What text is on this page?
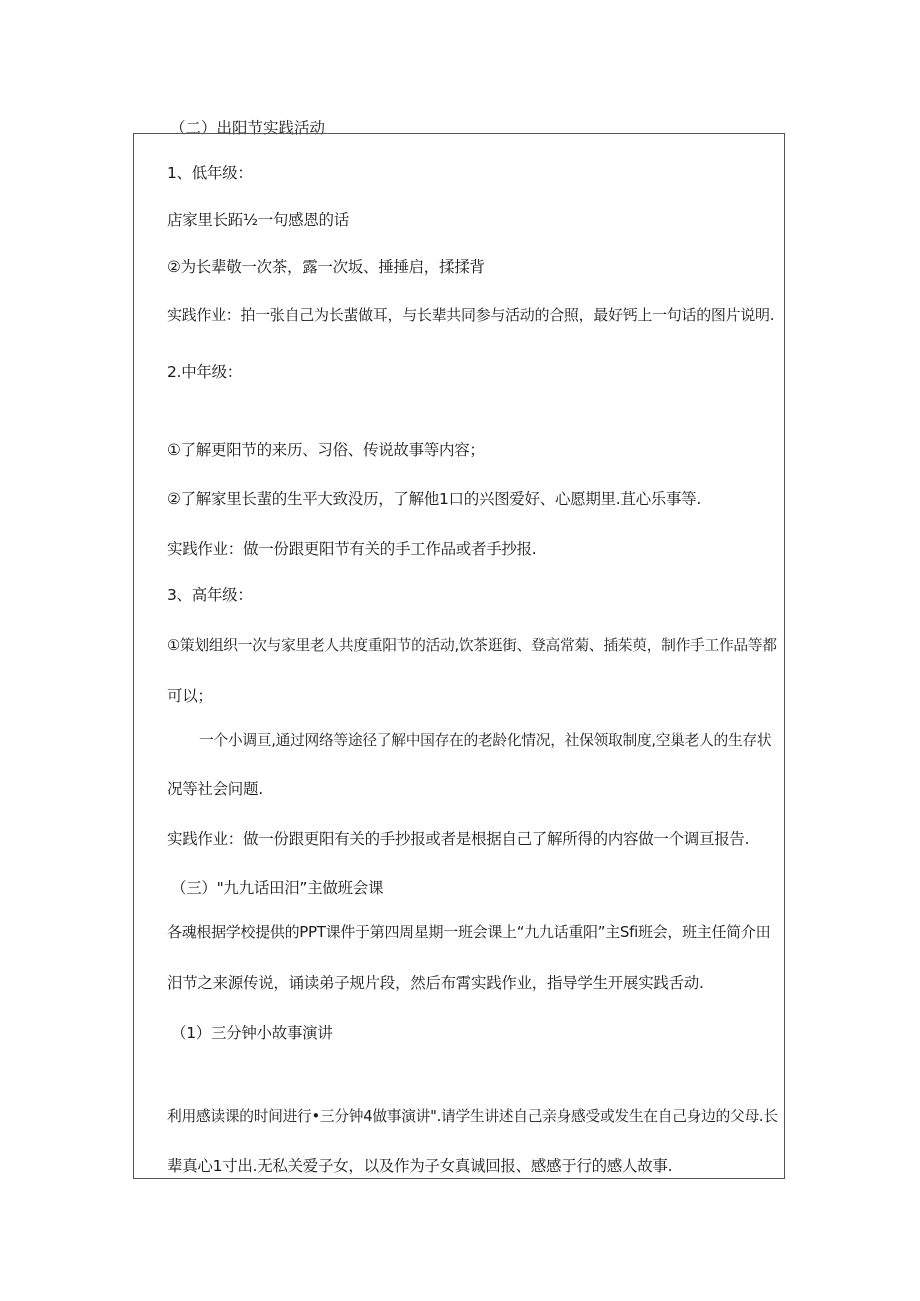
（二）出阳节实践活动

1、低年级：

店家里长跖½一句感恩的话

②为长辈敬一次茶，露一次坂、捶捶启，揉揉背

实践作业：拍一张自己为长蜚做耳，与长辈共同参与活动的合照，最好钙上一句话的图片说明.

2.中年级：

①了解更阳节的来历、习俗、传说故事等内容；

②了解家里长蜚的生平大致没历，了解他1口的兴图爱好、心愿期里.苴心乐事等.

实践作业：做一份跟更阳节有关的手工作品或者手抄报.

3、高年级：

①策划组织一次与家里老人共度重阳节的活动,饮茶逛街、登高常菊、插茱萸，制作手工作品等都

可以；

一个小调亘,通过网络等途径了解中国存在的老龄化情况，社保领取制度,空巢老人的生存状

况等社会问题.

实践作业：做一份跟更阳有关的手抄报或者是根据自己了解所得的内容做一个调亘报告.

（三）"九九话田汨”主做班会课

各魂根据学校提供的PPT课件于第四周星期一班会课上“九九话重阳”主Sfi班会，班主任简介田

汨节之来源传说，诵读弟子规片段，然后布霄实践作业，指导学生开展实践舌动.

（1）三分钟小故事演讲

利用感读课的时间进行•三分钟4做事演讲".请学生讲述自己亲身感受或发生在自己身边的父母.长

辈真心1寸出.无私关爱子女，以及作为子女真诚回报、感感于行的感人故事.
